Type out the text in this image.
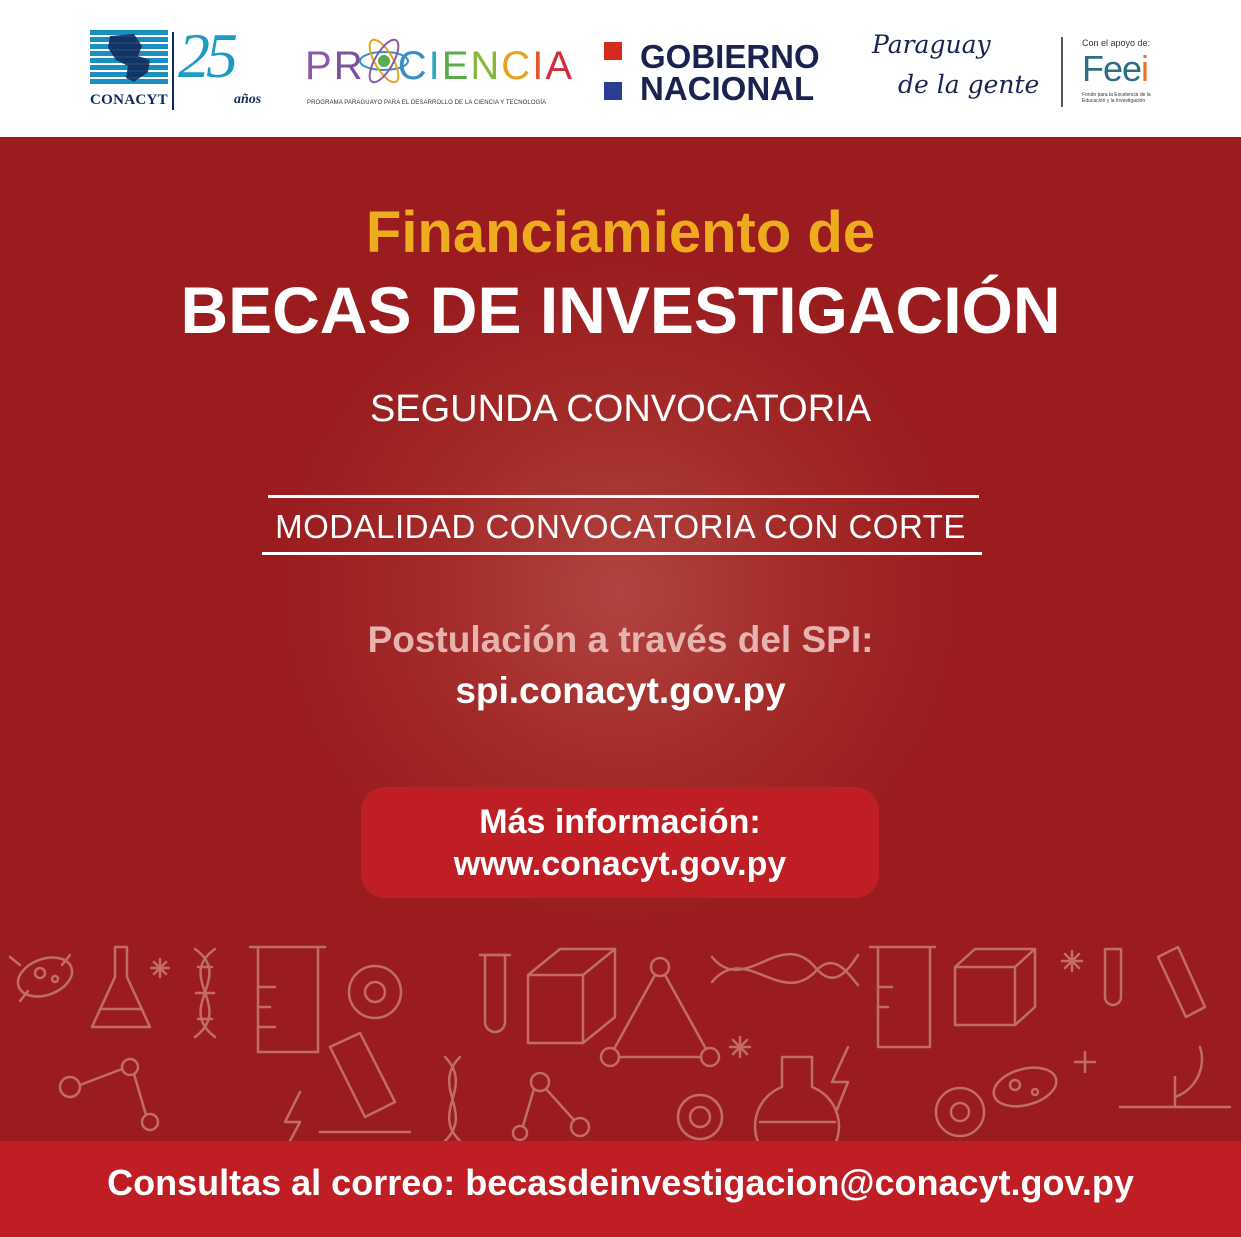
CONACYT
25
años
PR CIENCIA
PROGRAMA PARAGUAYO PARA EL DESARROLLO DE LA CIENCIA Y TECNOLOGÍA
GOBIERNO
NACIONAL
Paraguay
de la gente
Con el apoyo de:
Feei
Fondo para la Excelencia de la Educación y la Investigación
Financiamiento de
BECAS DE INVESTIGACIÓN
SEGUNDA CONVOCATORIA
MODALIDAD CONVOCATORIA CON CORTE
Postulación a través del SPI:
spi.conacyt.gov.py
Más información:
www.conacyt.gov.py
Consultas al correo: becasdeinvestigacion@conacyt.gov.py
